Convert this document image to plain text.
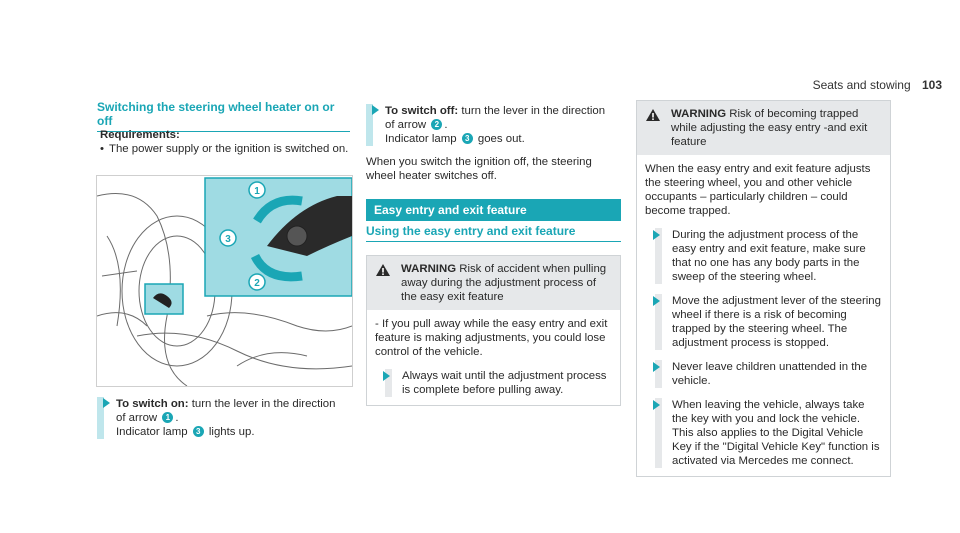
Seats and stowing 103
Switching the steering wheel heater on or off
Requirements:
• The power supply or the ignition is switched on.
1
3
2
To switch on: turn the lever in the direction of arrow 1 .
Indicator lamp 3 lights up.
To switch off: turn the lever in the direction of arrow 2 .
Indicator lamp 3 goes out.
When you switch the ignition off, the steering wheel heater switches off.
Easy entry and exit feature
Using the easy entry and exit feature
WARNING Risk of accident when pulling away during the adjustment process of the easy exit feature
- If you pull away while the easy entry and exit feature is making adjustments, you could lose control of the vehicle.
Always wait until the adjustment process is complete before pulling away.
WARNING Risk of becoming trapped while adjusting the easy entry -and exit feature
When the easy entry and exit feature adjusts the steering wheel, you and other vehicle occupants – particularly children – could become trapped.
During the adjustment process of the easy entry and exit feature, make sure that no one has any body parts in the sweep of the steering wheel.
Move the adjustment lever of the steering wheel if there is a risk of becoming trapped by the steering wheel. The adjustment process is stopped.
Never leave children unattended in the vehicle.
When leaving the vehicle, always take the key with you and lock the vehicle. This also applies to the Digital Vehicle Key if the "Digital Vehicle Key" function is activated via Mercedes me connect.
